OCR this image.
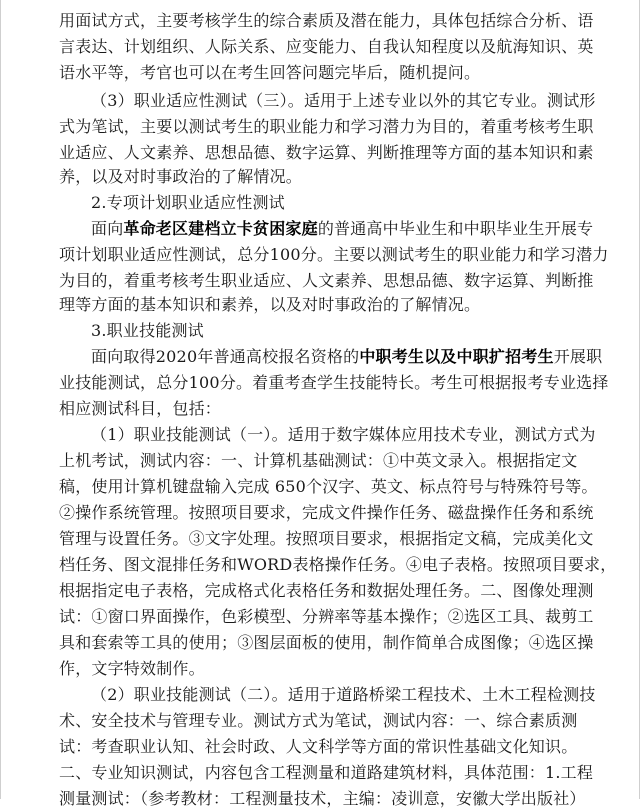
用面试方式，主要考核学生的综合素质及潜在能力，具体包括综合分析、语
言表达、计划组织、人际关系、应变能力、自我认知程度以及航海知识、英
语水平等，考官也可以在考生回答问题完毕后，随机提问。
（3）职业适应性测试（三）。适用于上述专业以外的其它专业。测试形
式为笔试，主要以测试考生的职业能力和学习潜力为目的，着重考核考生职
业适应、人文素养、思想品德、数字运算、判断推理等方面的基本知识和素
养，以及对时事政治的了解情况。
2.专项计划职业适应性测试
面向革命老区建档立卡贫困家庭的普通高中毕业生和中职毕业生开展专
项计划职业适应性测试，总分100分。主要以测试考生的职业能力和学习潜力
为目的，着重考核考生职业适应、人文素养、思想品德、数字运算、判断推
理等方面的基本知识和素养，以及对时事政治的了解情况。
3.职业技能测试
面向取得2020年普通高校报名资格的中职考生以及中职扩招考生开展职
业技能测试，总分100分。着重考查学生技能特长。考生可根据报考专业选择
相应测试科目，包括：
（1）职业技能测试（一）。适用于数字媒体应用技术专业，测试方式为
上机考试，测试内容：一、计算机基础测试：①中英文录入。根据指定文
稿，使用计算机键盘输入完成 650个汉字、英文、标点符号与特殊符号等。
②操作系统管理。按照项目要求，完成文件操作任务、磁盘操作任务和系统
管理与设置任务。③文字处理。按照项目要求，根据指定文稿，完成美化文
档任务、图文混排任务和WORD表格操作任务。④电子表格。按照项目要求，
根据指定电子表格，完成格式化表格任务和数据处理任务。二、图像处理测
试：①窗口界面操作，色彩模型、分辨率等基本操作；②选区工具、裁剪工
具和套索等工具的使用；③图层面板的使用，制作简单合成图像；④选区操
作，文字特效制作。
（2）职业技能测试（二）。适用于道路桥梁工程技术、土木工程检测技
术、安全技术与管理专业。测试方式为笔试，测试内容：一、综合素质测
试：考查职业认知、社会时政、人文科学等方面的常识性基础文化知识。
二、专业知识测试，内容包含工程测量和道路建筑材料，具体范围：1.工程
测量测试：（参考教材：工程测量技术，主编：凌训意，安徽大学出版社）
